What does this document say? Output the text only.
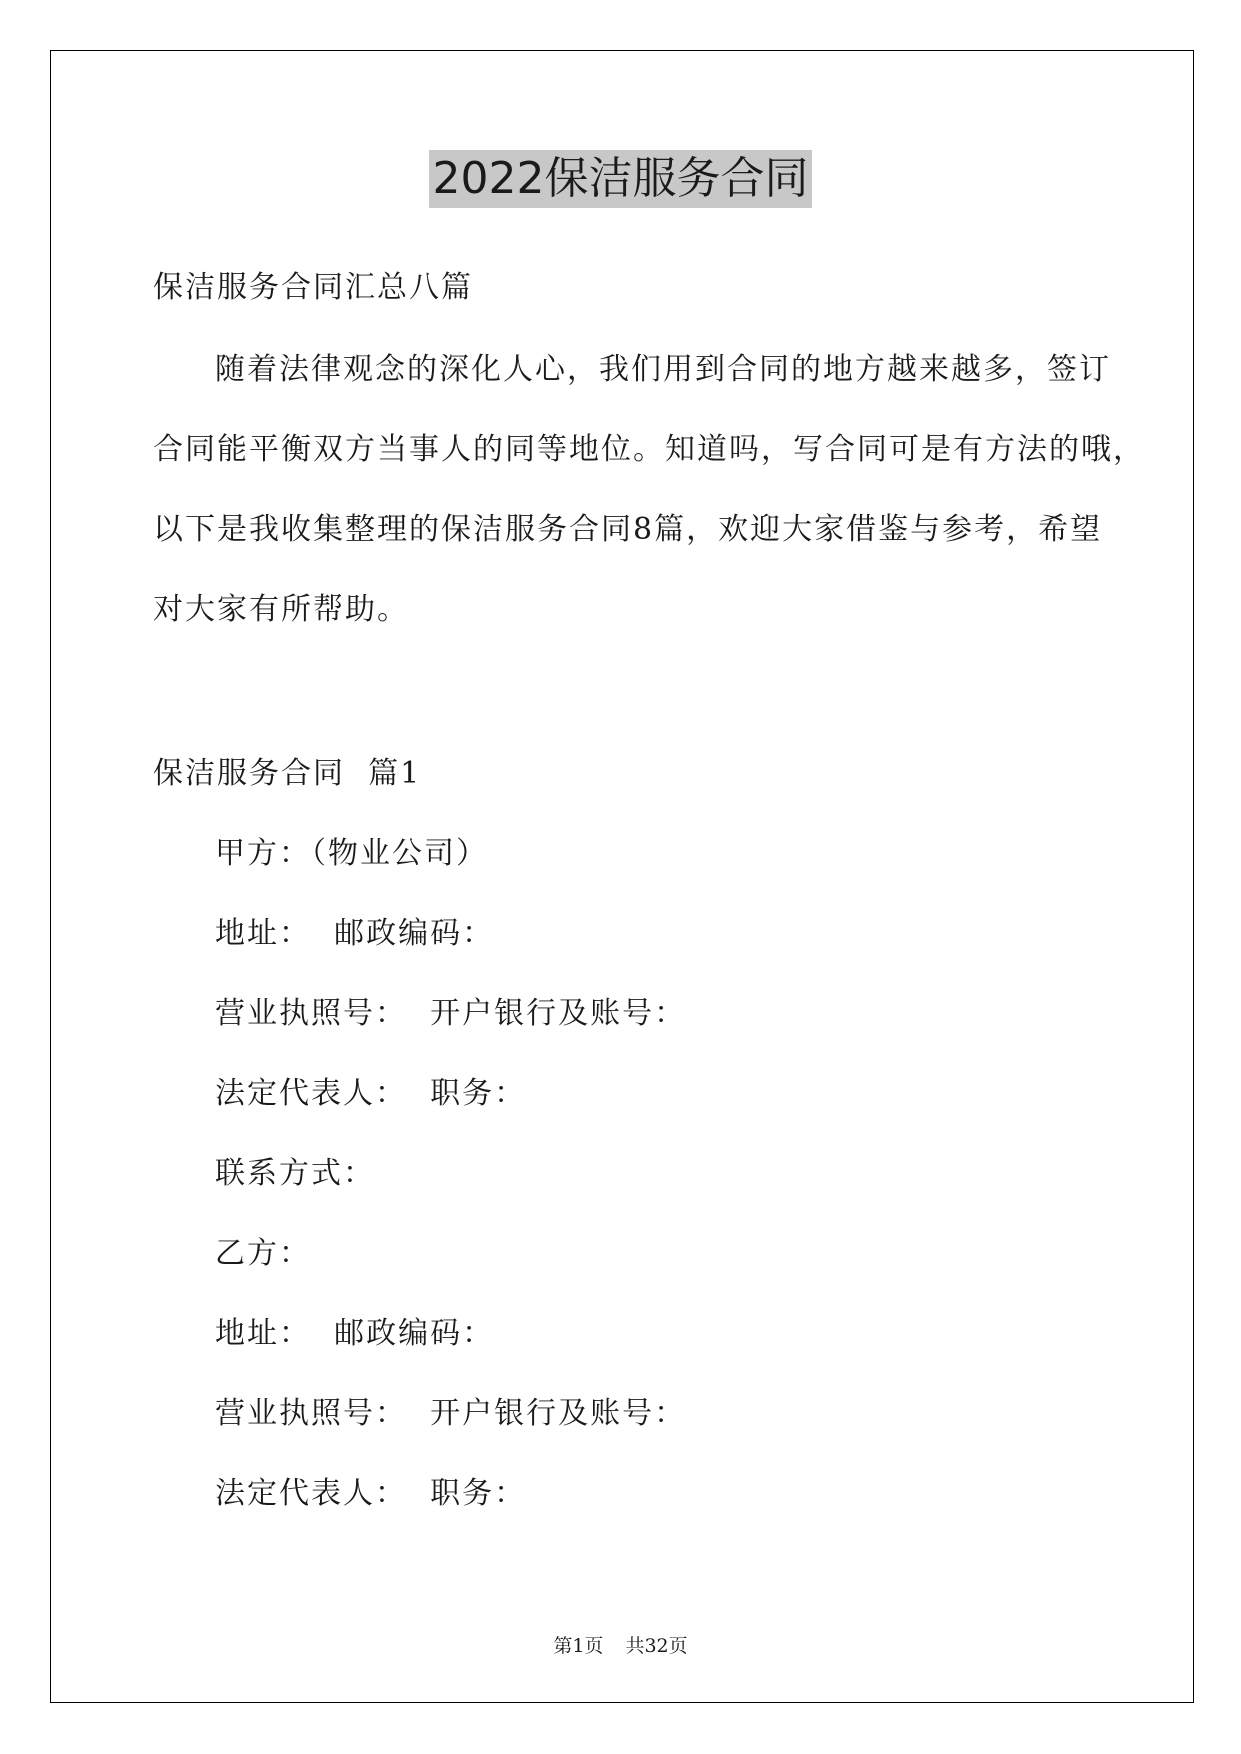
2022保洁服务合同
保洁服务合同汇总八篇
随着法律观念的深化人心，我们用到合同的地方越来越多，签订
合同能平衡双方当事人的同等地位。知道吗，写合同可是有方法的哦，
以下是我收集整理的保洁服务合同8篇，欢迎大家借鉴与参考，希望
对大家有所帮助。
保洁服务合同  篇1
甲方：（物业公司）
地址：  邮政编码：
营业执照号：  开户银行及账号：
法定代表人：  职务：
联系方式：
乙方：
地址：  邮政编码：
营业执照号：  开户银行及账号：
法定代表人：  职务：
第1页 共32页
